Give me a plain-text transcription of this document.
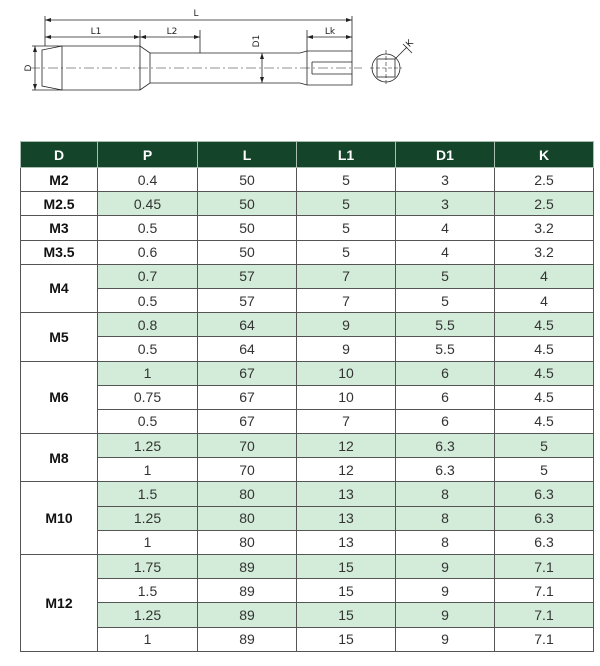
L
L1	L2	Lk
D1
D
K
D	P	L	L1	D1	K
M2	0.4	50	5	3	2.5
M2.5	0.45	50	5	3	2.5
M3	0.5	50	5	4	3.2
M3.5	0.6	50	5	4	3.2
M4	0.7	57	7	5	4
	0.5	57	7	5	4
M5	0.8	64	9	5.5	4.5
	0.5	64	9	5.5	4.5
M6	1	67	10	6	4.5
	0.75	67	10	6	4.5
	0.5	67	7	6	4.5
M8	1.25	70	12	6.3	5
	1	70	12	6.3	5
M10	1.5	80	13	8	6.3
	1.25	80	13	8	6.3
	1	80	13	8	6.3
M12	1.75	89	15	9	7.1
	1.5	89	15	9	7.1
	1.25	89	15	9	7.1
	1	89	15	9	7.1
